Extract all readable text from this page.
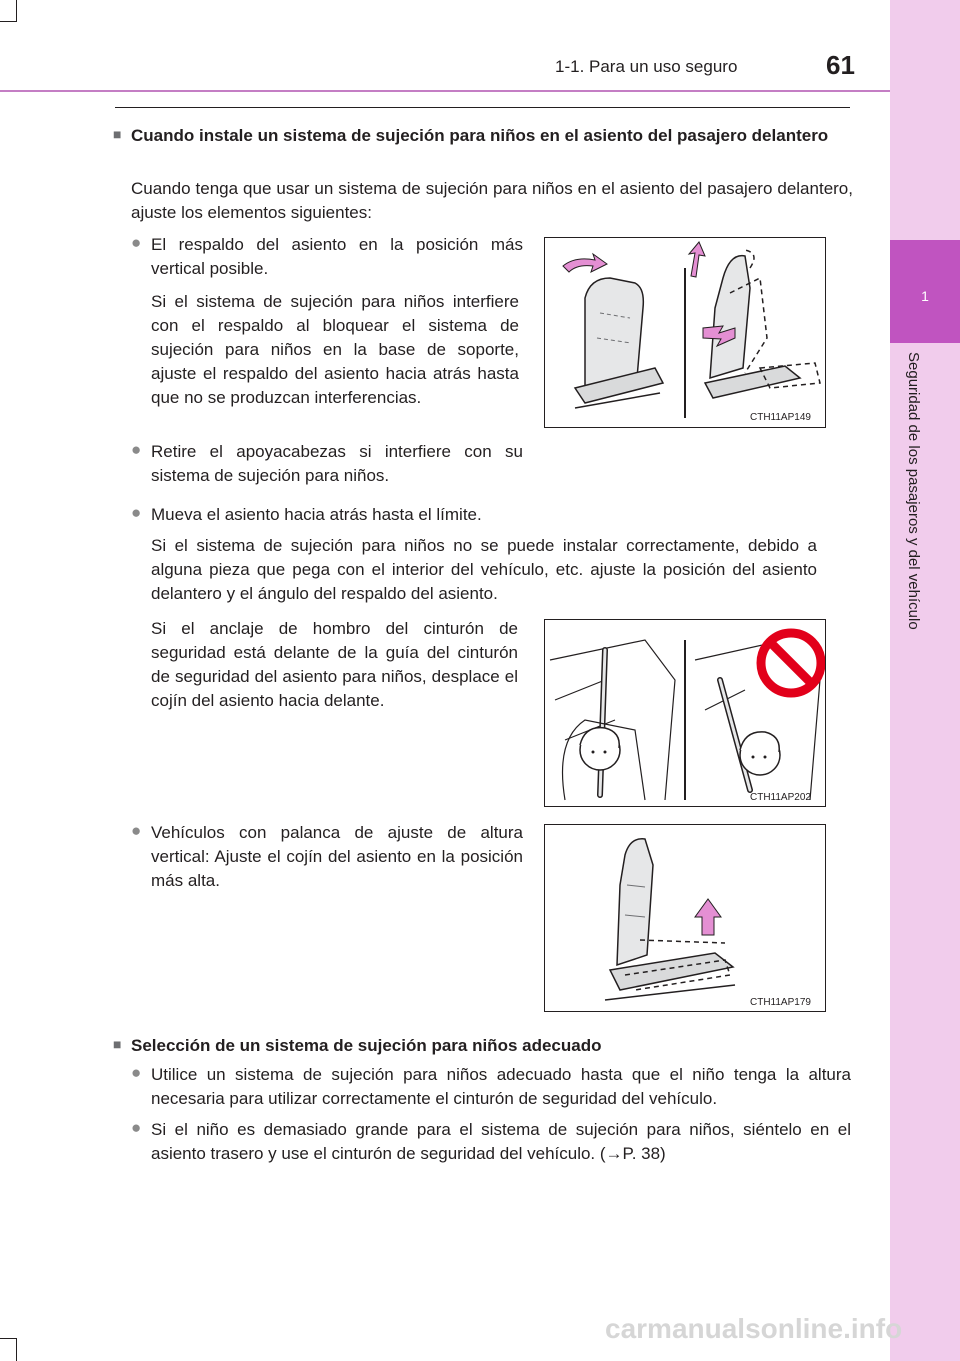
1
Seguridad de los pasajeros y del vehículo
1-1. Para un uso seguro	61
■ Cuando instale un sistema de sujeción para niños en el asiento del pasajero delantero
Cuando tenga que usar un sistema de sujeción para niños en el asiento del pasajero delantero, ajuste los elementos siguientes:
● El respaldo del asiento en la posición más vertical posible.
Si el sistema de sujeción para niños interfiere con el respaldo al bloquear el sistema de sujeción para niños en la base de soporte, ajuste el respaldo del asiento hacia atrás hasta que no se produzcan interferencias.
● Retire el apoyacabezas si interfiere con su sistema de sujeción para niños.
CTH11AP149
● Mueva el asiento hacia atrás hasta el límite.
Si el sistema de sujeción para niños no se puede instalar correctamente, debido a alguna pieza que pega con el interior del vehículo, etc. ajuste la posición del asiento delantero y el ángulo del respaldo del asiento.
Si el anclaje de hombro del cinturón de seguridad está delante de la guía del cinturón de seguridad del asiento para niños, desplace el cojín del asiento hacia delante.
CTH11AP202
● Vehículos con palanca de ajuste de altura vertical: Ajuste el cojín del asiento en la posición más alta.
CTH11AP179
■ Selección de un sistema de sujeción para niños adecuado
● Utilice un sistema de sujeción para niños adecuado hasta que el niño tenga la altura necesaria para utilizar correctamente el cinturón de seguridad del vehículo.
● Si el niño es demasiado grande para el sistema de sujeción para niños, siéntelo en el asiento trasero y use el cinturón de seguridad del vehículo. (→P. 38)
carmanualsonline.info
